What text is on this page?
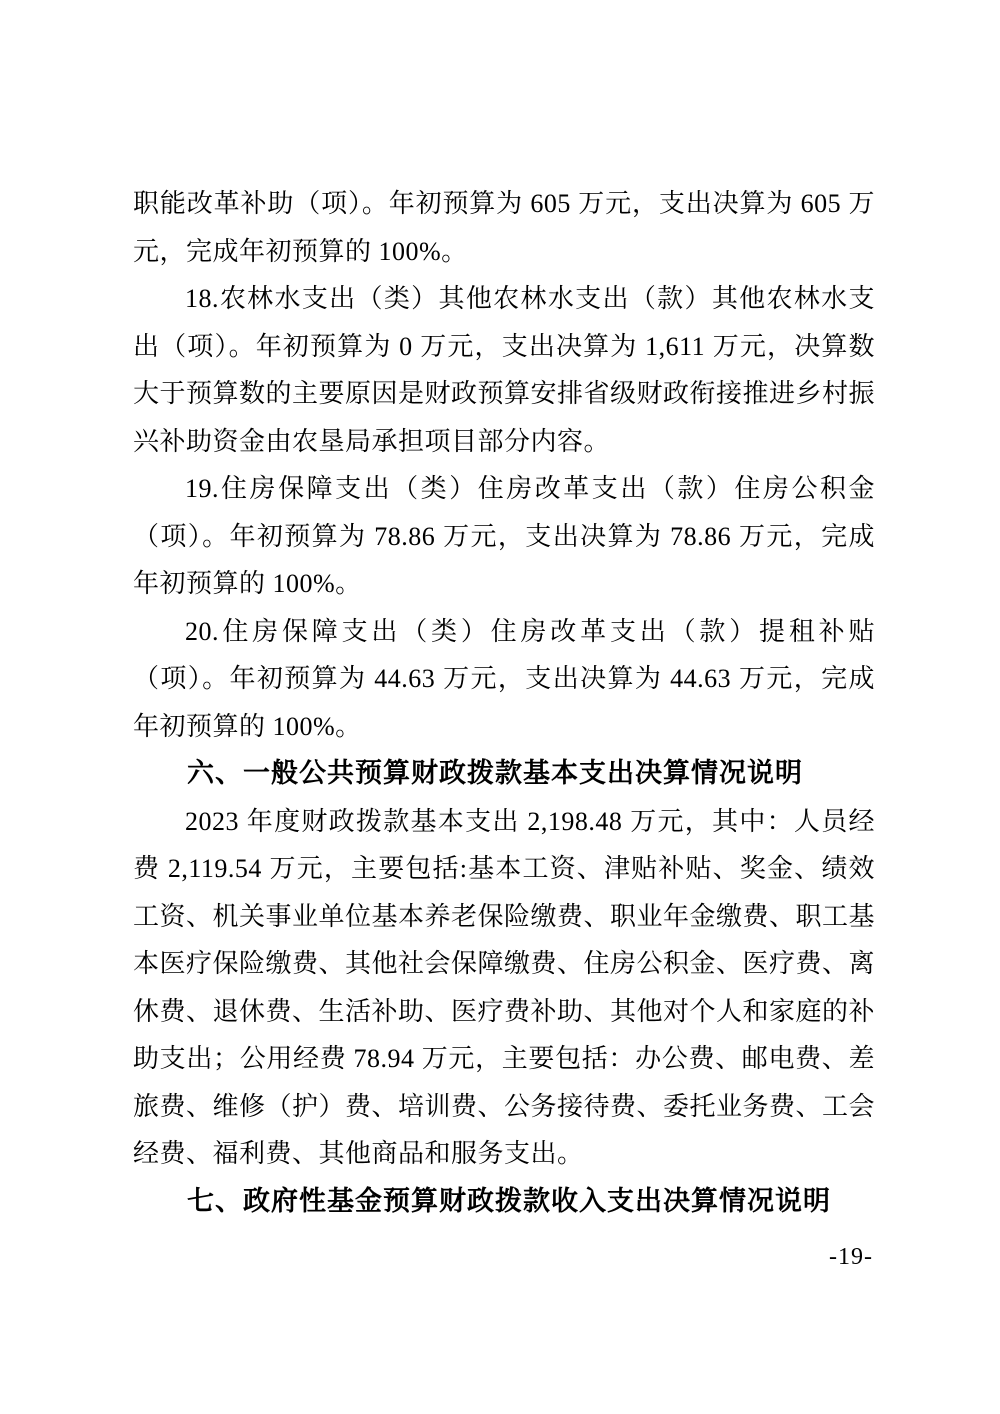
职能改革补助（项）。年初预算为 605 万元，支出决算为 605 万元，完成年初预算的 100%。

18.农林水支出（类）其他农林水支出（款）其他农林水支出（项）。年初预算为 0 万元，支出决算为 1,611 万元，决算数大于预算数的主要原因是财政预算安排省级财政衔接推进乡村振兴补助资金由农垦局承担项目部分内容。

19.住房保障支出（类）住房改革支出（款）住房公积金（项）。年初预算为 78.86 万元，支出决算为 78.86 万元，完成年初预算的 100%。

20.住房保障支出（类）住房改革支出（款）提租补贴（项）。年初预算为 44.63 万元，支出决算为 44.63 万元，完成年初预算的 100%。

六、一般公共预算财政拨款基本支出决算情况说明

2023 年度财政拨款基本支出 2,198.48 万元，其中：人员经费 2,119.54 万元，主要包括:基本工资、津贴补贴、奖金、绩效工资、机关事业单位基本养老保险缴费、职业年金缴费、职工基本医疗保险缴费、其他社会保障缴费、住房公积金、医疗费、离休费、退休费、生活补助、医疗费补助、其他对个人和家庭的补助支出；公用经费 78.94 万元，主要包括：办公费、邮电费、差旅费、维修（护）费、培训费、公务接待费、委托业务费、工会经费、福利费、其他商品和服务支出。

七、政府性基金预算财政拨款收入支出决算情况说明
-19-
